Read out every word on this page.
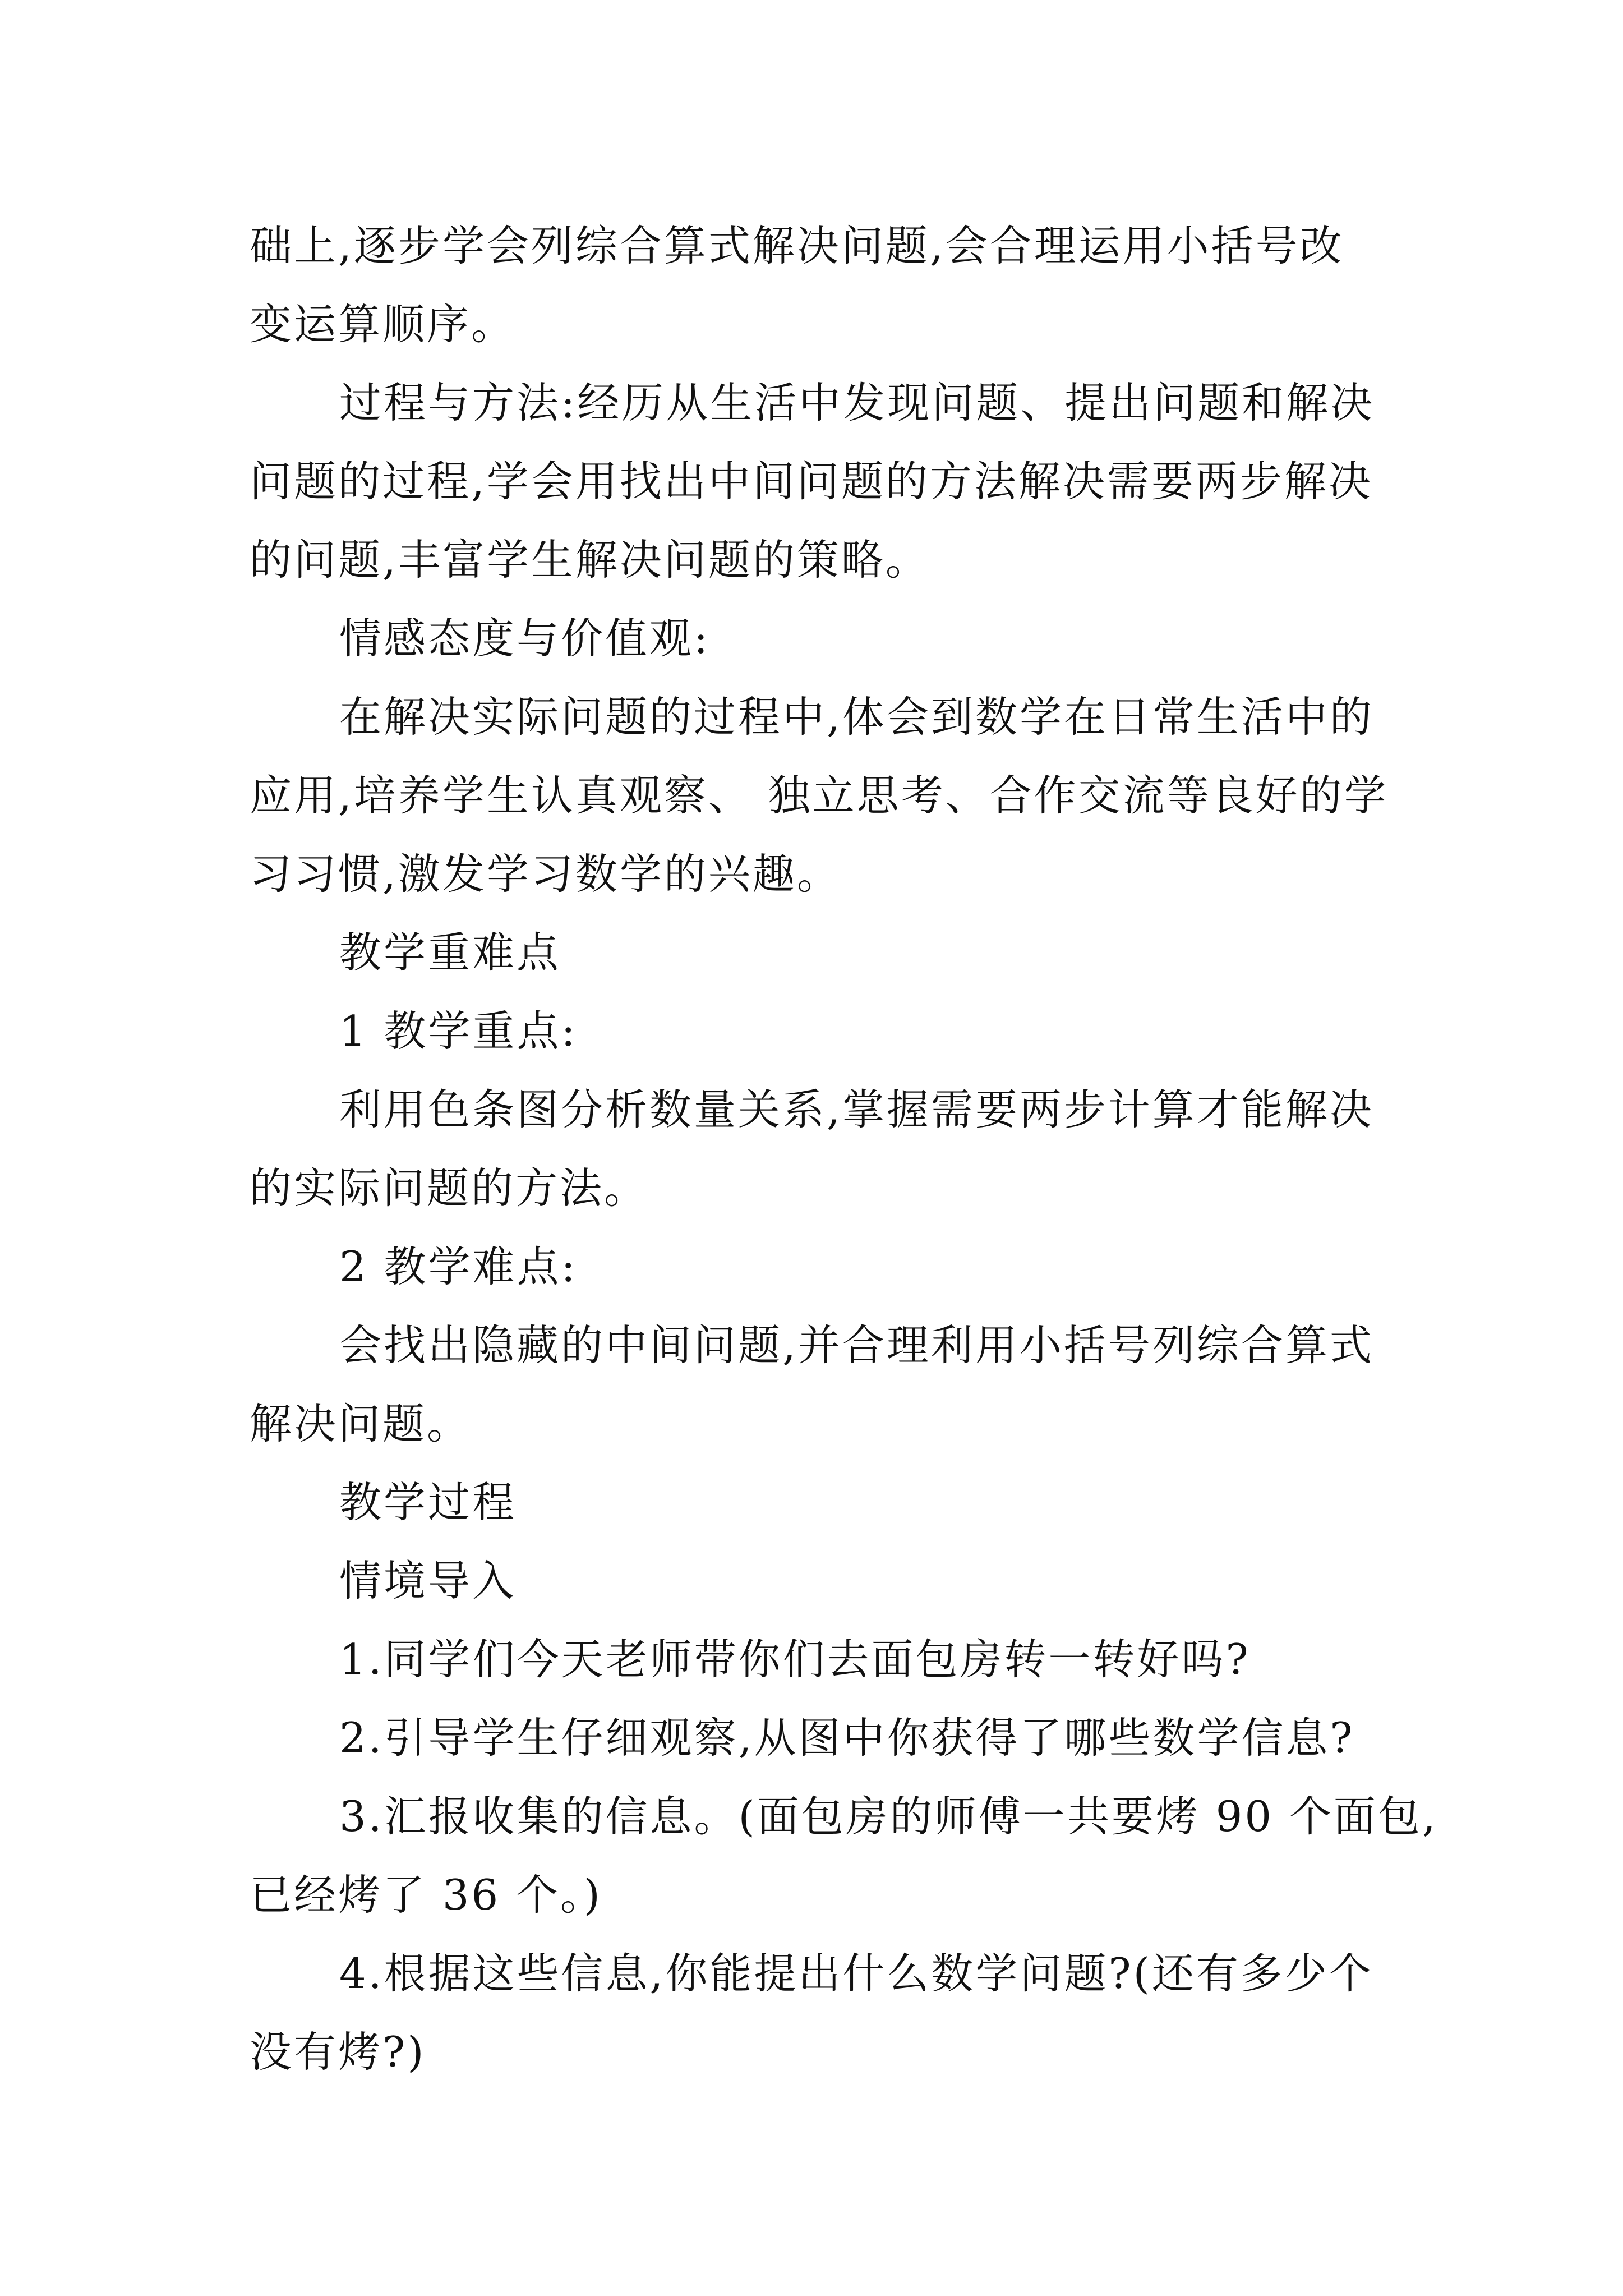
础上,逐步学会列综合算式解决问题,会合理运用小括号改
变运算顺序。
过程与方法:经历从生活中发现问题、提出问题和解决
问题的过程,学会用找出中间问题的方法解决需要两步解决
的问题,丰富学生解决问题的策略。
情感态度与价值观:
在解决实际问题的过程中,体会到数学在日常生活中的
应用,培养学生认真观察、 独立思考、合作交流等良好的学
习习惯,激发学习数学的兴趣。
教学重难点
1 教学重点:
利用色条图分析数量关系,掌握需要两步计算才能解决
的实际问题的方法。
2 教学难点:
会找出隐藏的中间问题,并合理利用小括号列综合算式
解决问题。
教学过程
情境导入
1.同学们今天老师带你们去面包房转一转好吗?
2.引导学生仔细观察,从图中你获得了哪些数学信息?
3.汇报收集的信息。(面包房的师傅一共要烤 90 个面包,
已经烤了 36 个。)
4.根据这些信息,你能提出什么数学问题?(还有多少个
没有烤?)
